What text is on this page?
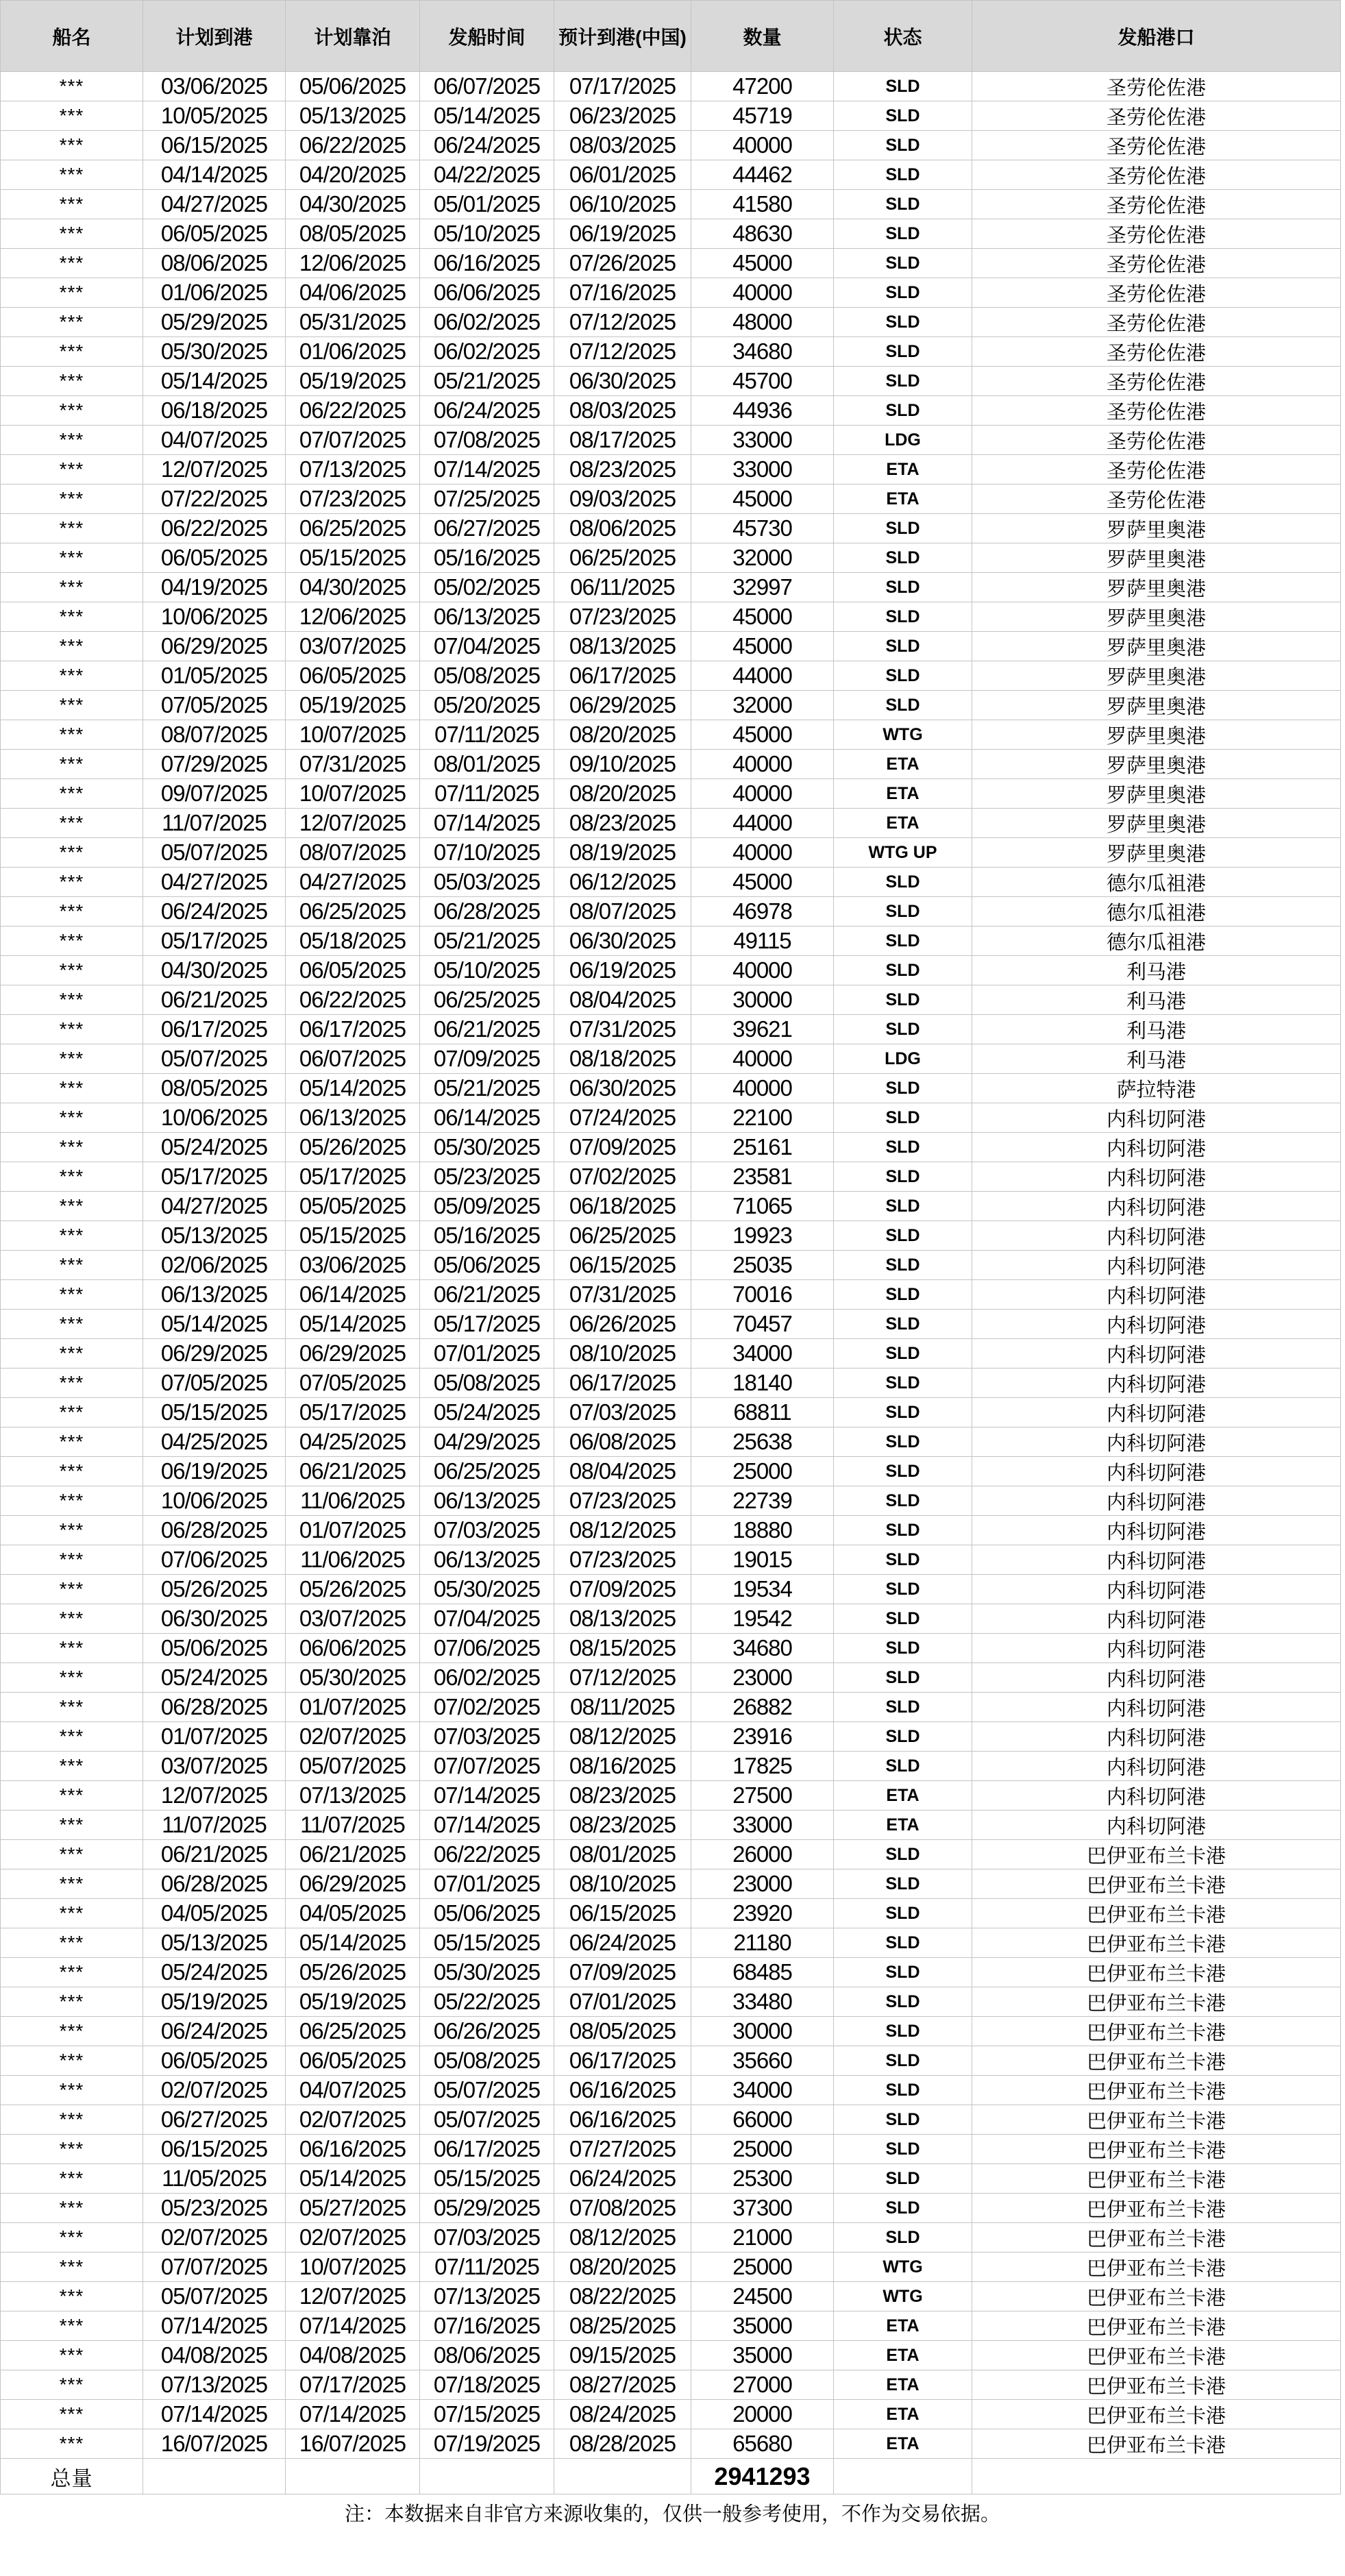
船名	计划到港	计划靠泊	发船时间	预计到港(中国)	数量	状态	发船港口
***	03/06/2025	05/06/2025	06/07/2025	07/17/2025	47200	SLD	圣劳伦佐港
***	10/05/2025	05/13/2025	05/14/2025	06/23/2025	45719	SLD	圣劳伦佐港
***	06/15/2025	06/22/2025	06/24/2025	08/03/2025	40000	SLD	圣劳伦佐港
***	04/14/2025	04/20/2025	04/22/2025	06/01/2025	44462	SLD	圣劳伦佐港
***	04/27/2025	04/30/2025	05/01/2025	06/10/2025	41580	SLD	圣劳伦佐港
***	06/05/2025	08/05/2025	05/10/2025	06/19/2025	48630	SLD	圣劳伦佐港
***	08/06/2025	12/06/2025	06/16/2025	07/26/2025	45000	SLD	圣劳伦佐港
***	01/06/2025	04/06/2025	06/06/2025	07/16/2025	40000	SLD	圣劳伦佐港
***	05/29/2025	05/31/2025	06/02/2025	07/12/2025	48000	SLD	圣劳伦佐港
***	05/30/2025	01/06/2025	06/02/2025	07/12/2025	34680	SLD	圣劳伦佐港
***	05/14/2025	05/19/2025	05/21/2025	06/30/2025	45700	SLD	圣劳伦佐港
***	06/18/2025	06/22/2025	06/24/2025	08/03/2025	44936	SLD	圣劳伦佐港
***	04/07/2025	07/07/2025	07/08/2025	08/17/2025	33000	LDG	圣劳伦佐港
***	12/07/2025	07/13/2025	07/14/2025	08/23/2025	33000	ETA	圣劳伦佐港
***	07/22/2025	07/23/2025	07/25/2025	09/03/2025	45000	ETA	圣劳伦佐港
***	06/22/2025	06/25/2025	06/27/2025	08/06/2025	45730	SLD	罗萨里奥港
***	06/05/2025	05/15/2025	05/16/2025	06/25/2025	32000	SLD	罗萨里奥港
***	04/19/2025	04/30/2025	05/02/2025	06/11/2025	32997	SLD	罗萨里奥港
***	10/06/2025	12/06/2025	06/13/2025	07/23/2025	45000	SLD	罗萨里奥港
***	06/29/2025	03/07/2025	07/04/2025	08/13/2025	45000	SLD	罗萨里奥港
***	01/05/2025	06/05/2025	05/08/2025	06/17/2025	44000	SLD	罗萨里奥港
***	07/05/2025	05/19/2025	05/20/2025	06/29/2025	32000	SLD	罗萨里奥港
***	08/07/2025	10/07/2025	07/11/2025	08/20/2025	45000	WTG	罗萨里奥港
***	07/29/2025	07/31/2025	08/01/2025	09/10/2025	40000	ETA	罗萨里奥港
***	09/07/2025	10/07/2025	07/11/2025	08/20/2025	40000	ETA	罗萨里奥港
***	11/07/2025	12/07/2025	07/14/2025	08/23/2025	44000	ETA	罗萨里奥港
***	05/07/2025	08/07/2025	07/10/2025	08/19/2025	40000	WTG UP	罗萨里奥港
***	04/27/2025	04/27/2025	05/03/2025	06/12/2025	45000	SLD	德尔瓜祖港
***	06/24/2025	06/25/2025	06/28/2025	08/07/2025	46978	SLD	德尔瓜祖港
***	05/17/2025	05/18/2025	05/21/2025	06/30/2025	49115	SLD	德尔瓜祖港
***	04/30/2025	06/05/2025	05/10/2025	06/19/2025	40000	SLD	利马港
***	06/21/2025	06/22/2025	06/25/2025	08/04/2025	30000	SLD	利马港
***	06/17/2025	06/17/2025	06/21/2025	07/31/2025	39621	SLD	利马港
***	05/07/2025	06/07/2025	07/09/2025	08/18/2025	40000	LDG	利马港
***	08/05/2025	05/14/2025	05/21/2025	06/30/2025	40000	SLD	萨拉特港
***	10/06/2025	06/13/2025	06/14/2025	07/24/2025	22100	SLD	内科切阿港
***	05/24/2025	05/26/2025	05/30/2025	07/09/2025	25161	SLD	内科切阿港
***	05/17/2025	05/17/2025	05/23/2025	07/02/2025	23581	SLD	内科切阿港
***	04/27/2025	05/05/2025	05/09/2025	06/18/2025	71065	SLD	内科切阿港
***	05/13/2025	05/15/2025	05/16/2025	06/25/2025	19923	SLD	内科切阿港
***	02/06/2025	03/06/2025	05/06/2025	06/15/2025	25035	SLD	内科切阿港
***	06/13/2025	06/14/2025	06/21/2025	07/31/2025	70016	SLD	内科切阿港
***	05/14/2025	05/14/2025	05/17/2025	06/26/2025	70457	SLD	内科切阿港
***	06/29/2025	06/29/2025	07/01/2025	08/10/2025	34000	SLD	内科切阿港
***	07/05/2025	07/05/2025	05/08/2025	06/17/2025	18140	SLD	内科切阿港
***	05/15/2025	05/17/2025	05/24/2025	07/03/2025	68811	SLD	内科切阿港
***	04/25/2025	04/25/2025	04/29/2025	06/08/2025	25638	SLD	内科切阿港
***	06/19/2025	06/21/2025	06/25/2025	08/04/2025	25000	SLD	内科切阿港
***	10/06/2025	11/06/2025	06/13/2025	07/23/2025	22739	SLD	内科切阿港
***	06/28/2025	01/07/2025	07/03/2025	08/12/2025	18880	SLD	内科切阿港
***	07/06/2025	11/06/2025	06/13/2025	07/23/2025	19015	SLD	内科切阿港
***	05/26/2025	05/26/2025	05/30/2025	07/09/2025	19534	SLD	内科切阿港
***	06/30/2025	03/07/2025	07/04/2025	08/13/2025	19542	SLD	内科切阿港
***	05/06/2025	06/06/2025	07/06/2025	08/15/2025	34680	SLD	内科切阿港
***	05/24/2025	05/30/2025	06/02/2025	07/12/2025	23000	SLD	内科切阿港
***	06/28/2025	01/07/2025	07/02/2025	08/11/2025	26882	SLD	内科切阿港
***	01/07/2025	02/07/2025	07/03/2025	08/12/2025	23916	SLD	内科切阿港
***	03/07/2025	05/07/2025	07/07/2025	08/16/2025	17825	SLD	内科切阿港
***	12/07/2025	07/13/2025	07/14/2025	08/23/2025	27500	ETA	内科切阿港
***	11/07/2025	11/07/2025	07/14/2025	08/23/2025	33000	ETA	内科切阿港
***	06/21/2025	06/21/2025	06/22/2025	08/01/2025	26000	SLD	巴伊亚布兰卡港
***	06/28/2025	06/29/2025	07/01/2025	08/10/2025	23000	SLD	巴伊亚布兰卡港
***	04/05/2025	04/05/2025	05/06/2025	06/15/2025	23920	SLD	巴伊亚布兰卡港
***	05/13/2025	05/14/2025	05/15/2025	06/24/2025	21180	SLD	巴伊亚布兰卡港
***	05/24/2025	05/26/2025	05/30/2025	07/09/2025	68485	SLD	巴伊亚布兰卡港
***	05/19/2025	05/19/2025	05/22/2025	07/01/2025	33480	SLD	巴伊亚布兰卡港
***	06/24/2025	06/25/2025	06/26/2025	08/05/2025	30000	SLD	巴伊亚布兰卡港
***	06/05/2025	06/05/2025	05/08/2025	06/17/2025	35660	SLD	巴伊亚布兰卡港
***	02/07/2025	04/07/2025	05/07/2025	06/16/2025	34000	SLD	巴伊亚布兰卡港
***	06/27/2025	02/07/2025	05/07/2025	06/16/2025	66000	SLD	巴伊亚布兰卡港
***	06/15/2025	06/16/2025	06/17/2025	07/27/2025	25000	SLD	巴伊亚布兰卡港
***	11/05/2025	05/14/2025	05/15/2025	06/24/2025	25300	SLD	巴伊亚布兰卡港
***	05/23/2025	05/27/2025	05/29/2025	07/08/2025	37300	SLD	巴伊亚布兰卡港
***	02/07/2025	02/07/2025	07/03/2025	08/12/2025	21000	SLD	巴伊亚布兰卡港
***	07/07/2025	10/07/2025	07/11/2025	08/20/2025	25000	WTG	巴伊亚布兰卡港
***	05/07/2025	12/07/2025	07/13/2025	08/22/2025	24500	WTG	巴伊亚布兰卡港
***	07/14/2025	07/14/2025	07/16/2025	08/25/2025	35000	ETA	巴伊亚布兰卡港
***	04/08/2025	04/08/2025	08/06/2025	09/15/2025	35000	ETA	巴伊亚布兰卡港
***	07/13/2025	07/17/2025	07/18/2025	08/27/2025	27000	ETA	巴伊亚布兰卡港
***	07/14/2025	07/14/2025	07/15/2025	08/24/2025	20000	ETA	巴伊亚布兰卡港
***	16/07/2025	16/07/2025	07/19/2025	08/28/2025	65680	ETA	巴伊亚布兰卡港
总量					2941293		
注：本数据来自非官方来源收集的，仅供一般参考使用，不作为交易依据。
